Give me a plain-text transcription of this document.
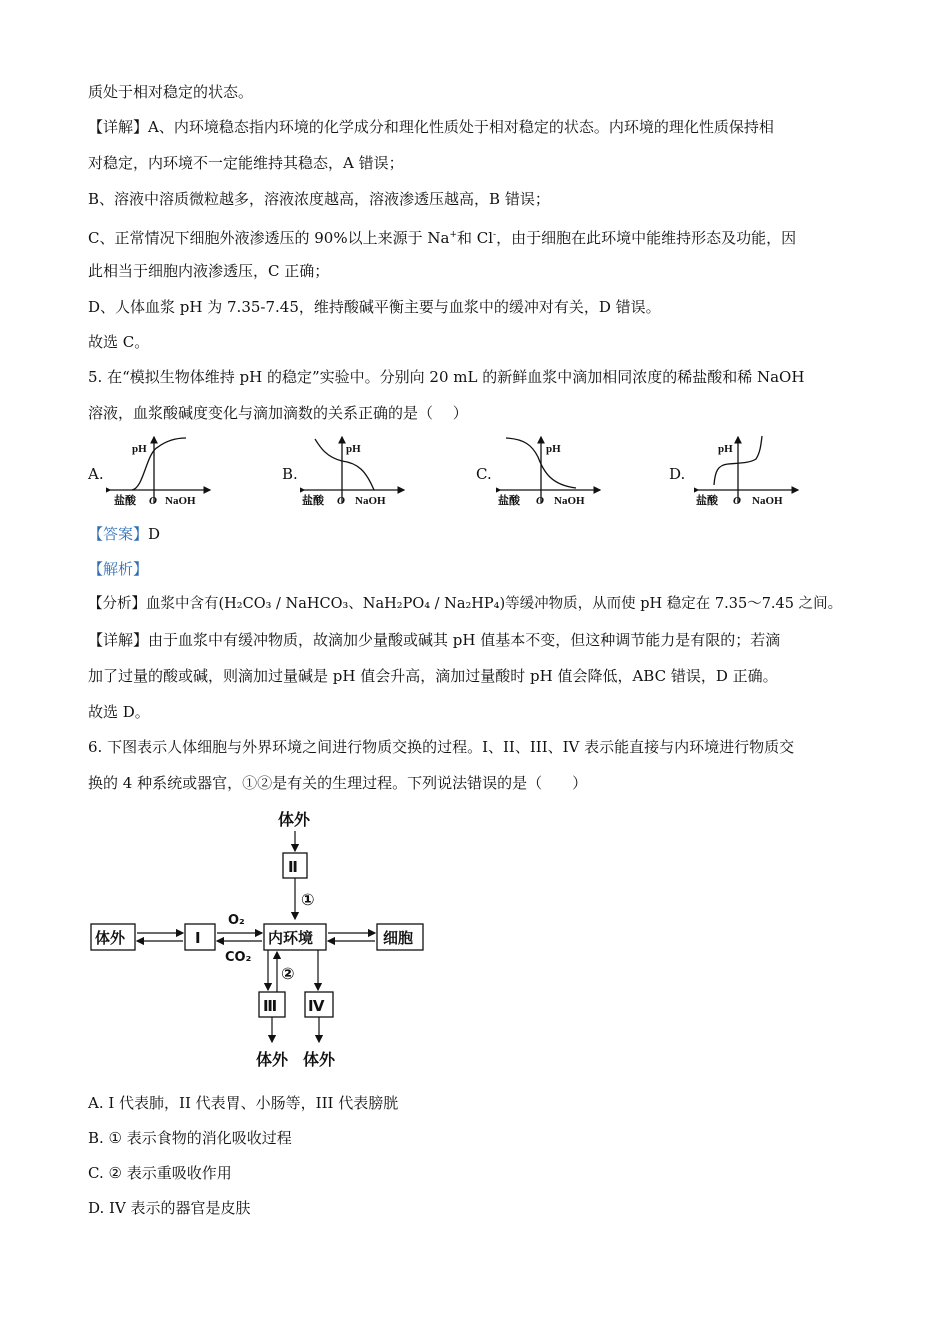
质处于相对稳定的状态。
【详解】A、内环境稳态指内环境的化学成分和理化性质处于相对稳定的状态。内环境的理化性质保持相
对稳定，内环境不一定能维持其稳态，A 错误；
B、溶液中溶质微粒越多，溶液浓度越高，溶液渗透压越高，B 错误；
C、正常情况下细胞外液渗透压的 90%以上来源于 Na+和 Cl-，由于细胞在此环境中能维持形态及功能，因
此相当于细胞内液渗透压，C 正确；
D、人体血浆 pH 为 7.35-7.45，维持酸碱平衡主要与血浆中的缓冲对有关，D 错误。
故选 C。
5. 在“模拟生物体维持 pH 的稳定”实验中。分别向 20 mL 的新鲜血浆中滴加相同浓度的稀盐酸和稀 NaOH
溶液，血浆酸碱度变化与滴加滴数的关系正确的是（　 ）
A.	B.	C.	D.
pH
盐酸 O NaOH
pH
盐酸 O NaOH
pH
盐酸 O NaOH
pH
盐酸 O NaOH
【答案】D
【解析】
【分析】血浆中含有(H₂CO₃ / NaHCO₃、NaH₂PO₄ / Na₂HP₄)等缓冲物质，从而使 pH 稳定在 7.35～7.45 之间。
【详解】由于血浆中有缓冲物质，故滴加少量酸或碱其 pH 值基本不变，但这种调节能力是有限的；若滴
加了过量的酸或碱，则滴加过量碱是 pH 值会升高，滴加过量酸时 pH 值会降低，ABC 错误，D 正确。
故选 D。
6. 下图表示人体细胞与外界环境之间进行物质交换的过程。I、II、III、IV 表示能直接与内环境进行物质交
换的 4 种系统或器官，①②是有关的生理过程。下列说法错误的是（　　）
体外
Ⅱ
①
体外	Ⅰ
O₂
CO₂
内环境	细胞
②
Ⅲ Ⅳ
体外 体外
A. I 代表肺，II 代表胃、小肠等，III 代表膀胱
B. ① 表示食物的消化吸收过程
C. ② 表示重吸收作用
D. IV 表示的器官是皮肤
